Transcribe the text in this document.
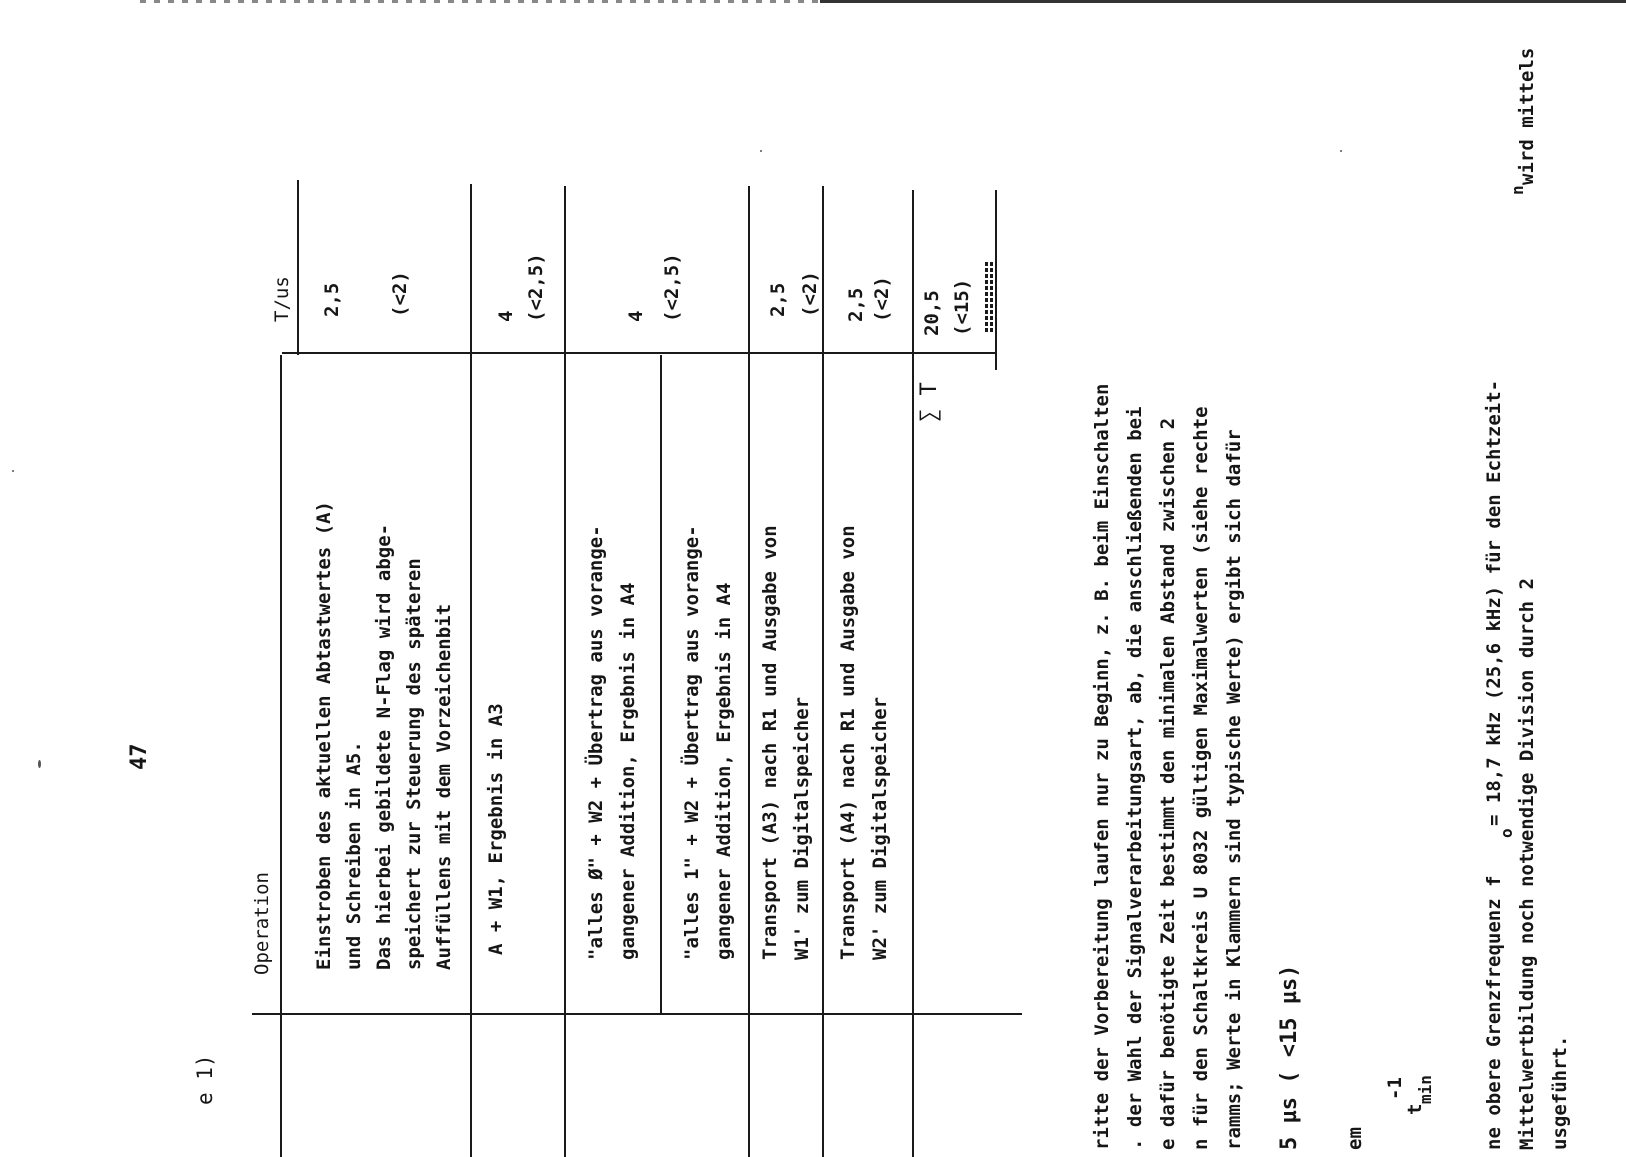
47
e 1)
Operation
T/us
Einstroben des aktuellen Abtastwertes (A) und Schreiben in A5. Das hierbei gebildete N-Flag wird abge- speichert zur Steuerung des späteren Auffüllens mit dem Vorzeichenbit
2,5 (<2)
A + W1, Ergebnis in A3
4 (<2,5)
"alles Ø" + W2 + Übertrag aus vorange- gangener Addition, Ergebnis in A4
4 (<2,5)
"alles 1" + W2 + Übertrag aus vorange- gangener Addition, Ergebnis in A4 Transport (A3) nach R1 und Ausgabe von W1' zum Digitalspeicher
2,5 (<2)
Transport (A4) nach R1 und Ausgabe von W2' zum Digitalspeicher
2,5 (<2)
∑ T
20,5 (<15)
ritte der Vorbereitung laufen nur zu Beginn, z. B. beim Einschalten . der Wahl der Signalverarbeitungsart, ab, die anschließenden bei e dafür benötigte Zeit bestimmt den minimalen Abstand zwischen 2 n für den Schaltkreis U 8032 gültigen Maximalwerten (siehe rechte ramms; Werte in Klammern sind typische Werte) ergibt sich dafür 5 µs ( <15 µs) em
-1
t
min	ne obere Grenzfrequenz f
o
= 18,7 kHz (25,6 kHz) für den Echtzeit- Mittelwertbildung noch notwendige Division durch 2
n
wird mittels
usgeführt.
